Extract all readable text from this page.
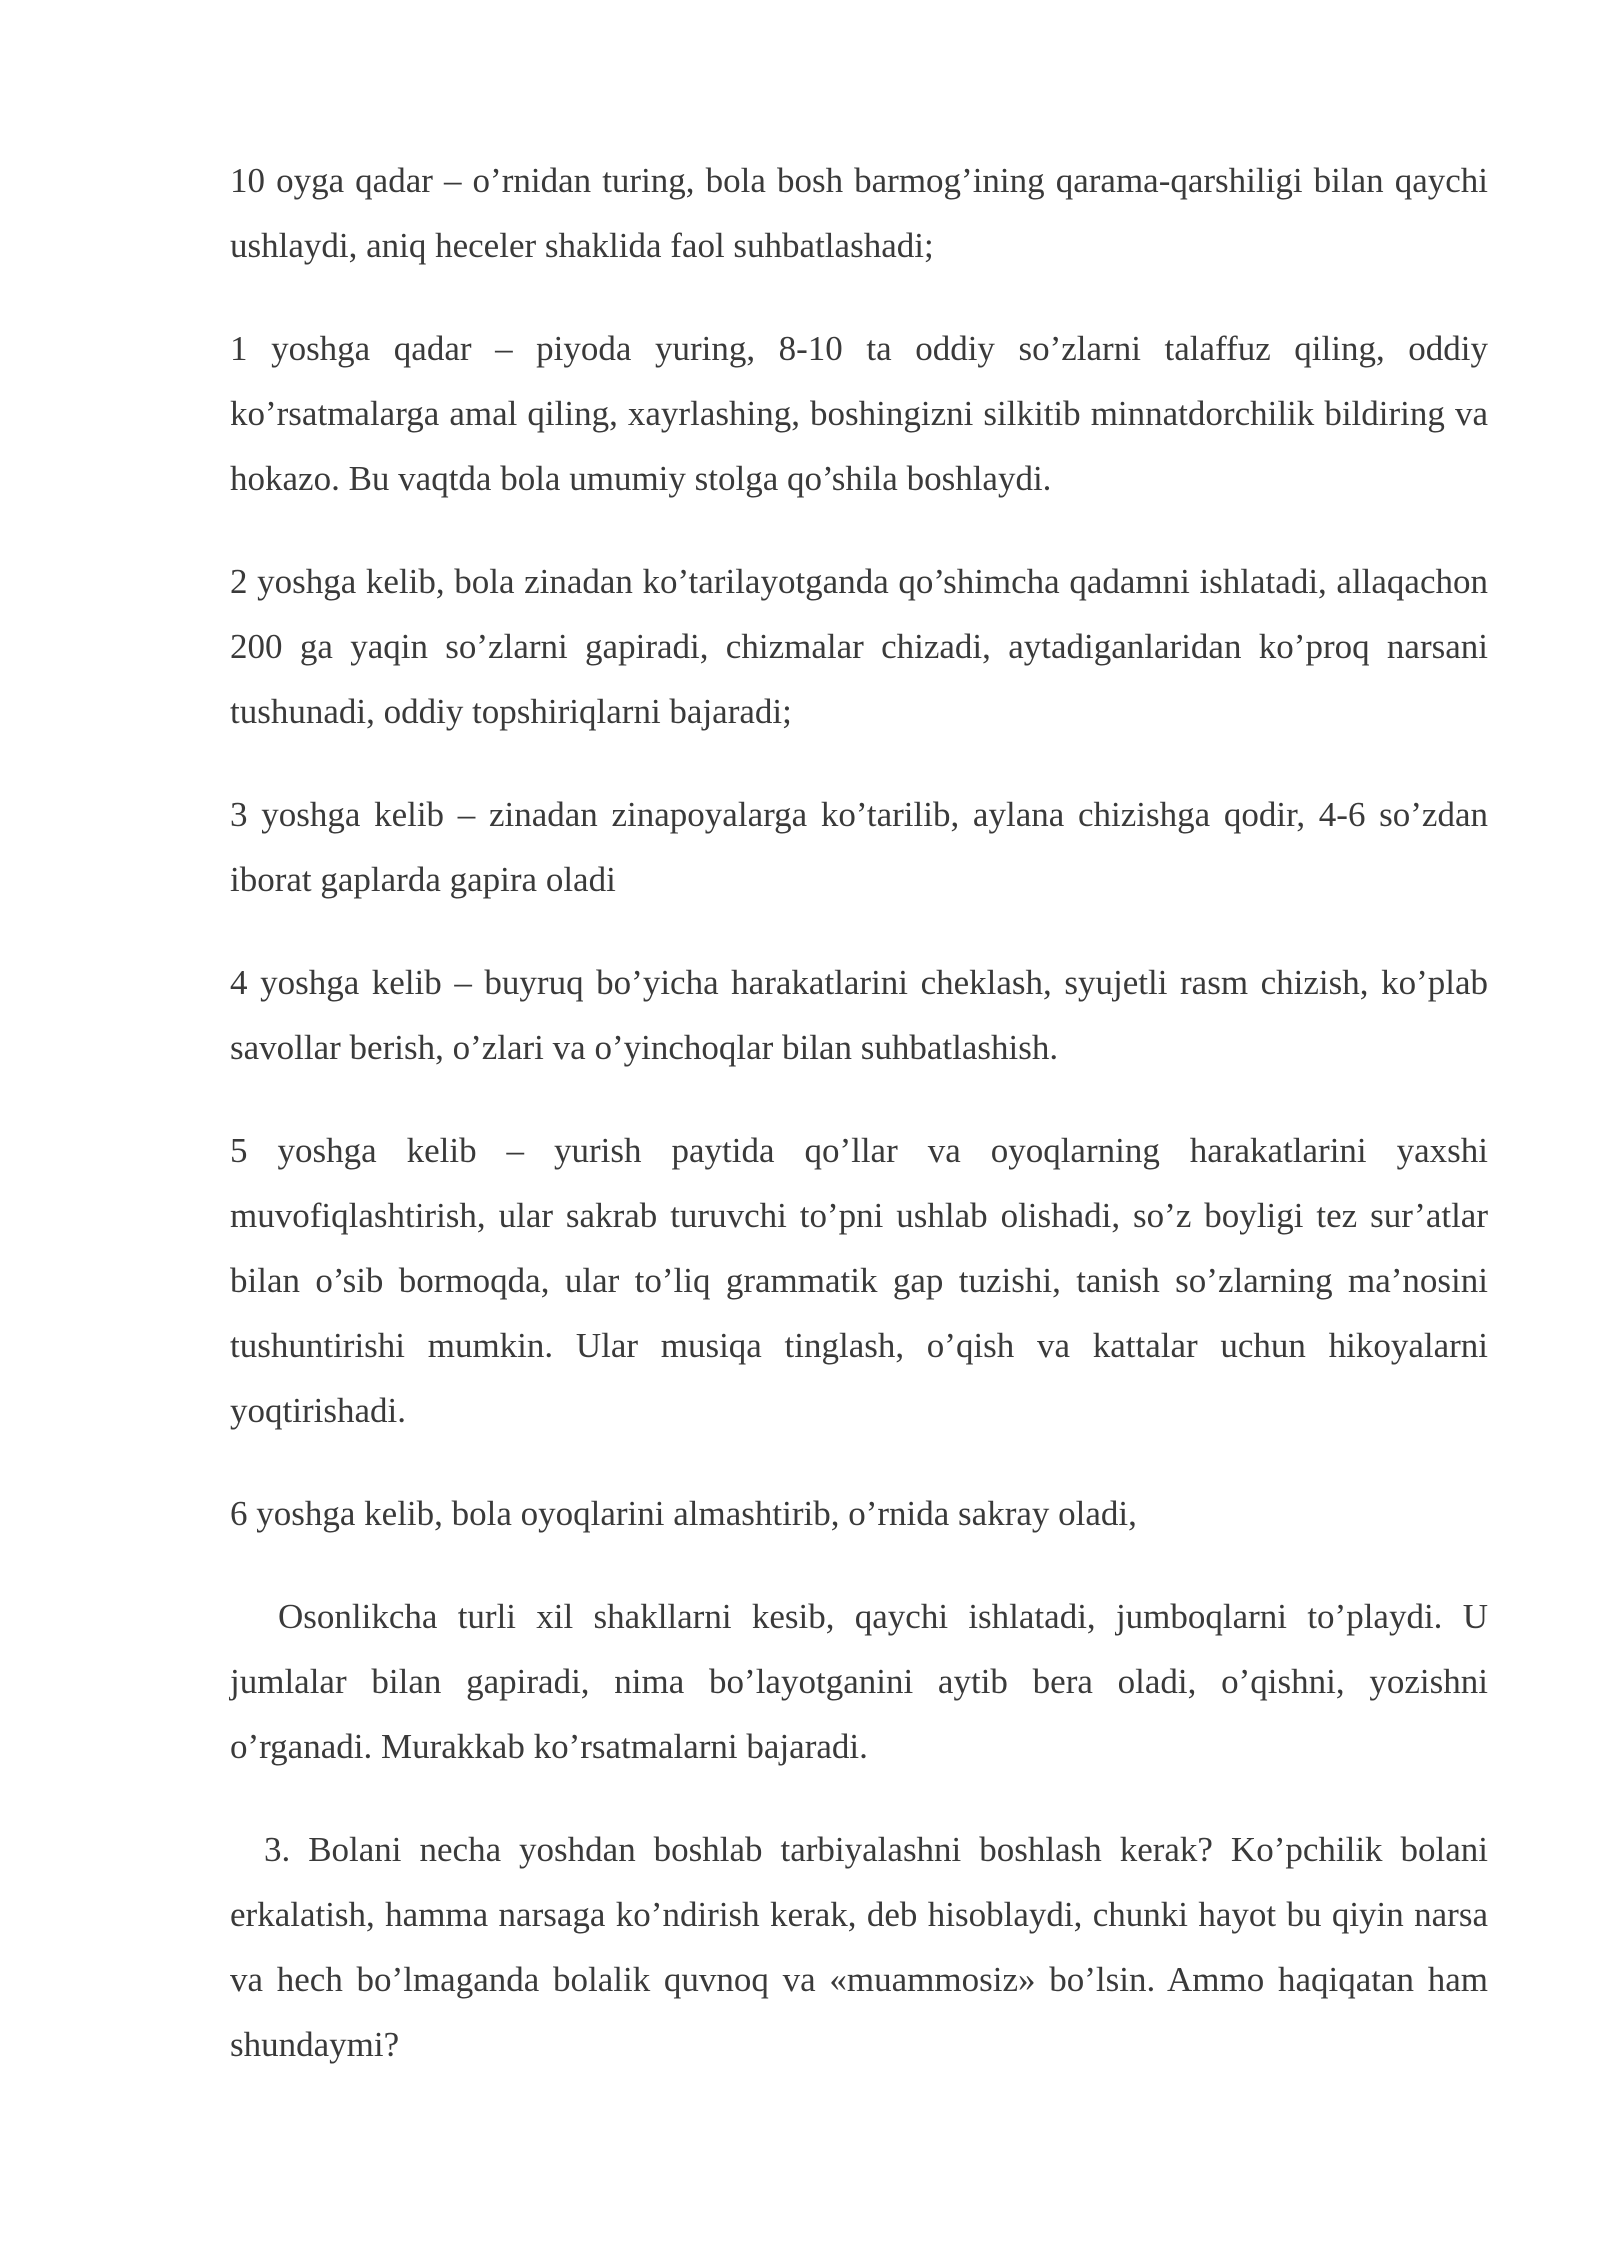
10 oyga qadar – o’rnidan turing, bola bosh barmog’ining qarama-qarshiligi bilan qaychi ushlaydi, aniq heceler shaklida faol suhbatlashadi;

1 yoshga qadar – piyoda yuring, 8-10 ta oddiy so’zlarni talaffuz qiling, oddiy ko’rsatmalarga amal qiling, xayrlashing, boshingizni silkitib minnatdorchilik bildiring va hokazo. Bu vaqtda bola umumiy stolga qo’shila boshlaydi.

2 yoshga kelib, bola zinadan ko’tarilayotganda qo’shimcha qadamni ishlatadi, allaqachon 200 ga yaqin so’zlarni gapiradi, chizmalar chizadi, aytadiganlaridan ko’proq narsani tushunadi, oddiy topshiriqlarni bajaradi;

3 yoshga kelib – zinadan zinapoyalarga ko’tarilib, aylana chizishga qodir, 4-6 so’zdan iborat gaplarda gapira oladi

4 yoshga kelib – buyruq bo’yicha harakatlarini cheklash, syujetli rasm chizish, ko’plab savollar berish, o’zlari va o’yinchoqlar bilan suhbatlashish.

5 yoshga kelib – yurish paytida qo’llar va oyoqlarning harakatlarini yaxshi muvofiqlashtirish, ular sakrab turuvchi to’pni ushlab olishadi, so’z boyligi tez sur’atlar bilan o’sib bormoqda, ular to’liq grammatik gap tuzishi, tanish so’zlarning ma’nosini tushuntirishi mumkin. Ular musiqa tinglash, o’qish va kattalar uchun hikoyalarni yoqtirishadi.

6 yoshga kelib, bola oyoqlarini almashtirib, o’rnida sakray oladi,

Osonlikcha turli xil shakllarni kesib, qaychi ishlatadi, jumboqlarni to’playdi. U jumlalar bilan gapiradi, nima bo’layotganini aytib bera oladi, o’qishni, yozishni o’rganadi. Murakkab ko’rsatmalarni bajaradi.

3. Bolani necha yoshdan boshlab tarbiyalashni boshlash kerak? Ko’pchilik bolani erkalatish, hamma narsaga ko’ndirish kerak, deb hisoblaydi, chunki hayot bu qiyin narsa va hech bo’lmaganda bolalik quvnoq va «muammosiz» bo’lsin. Ammo haqiqatan ham shundaymi?
